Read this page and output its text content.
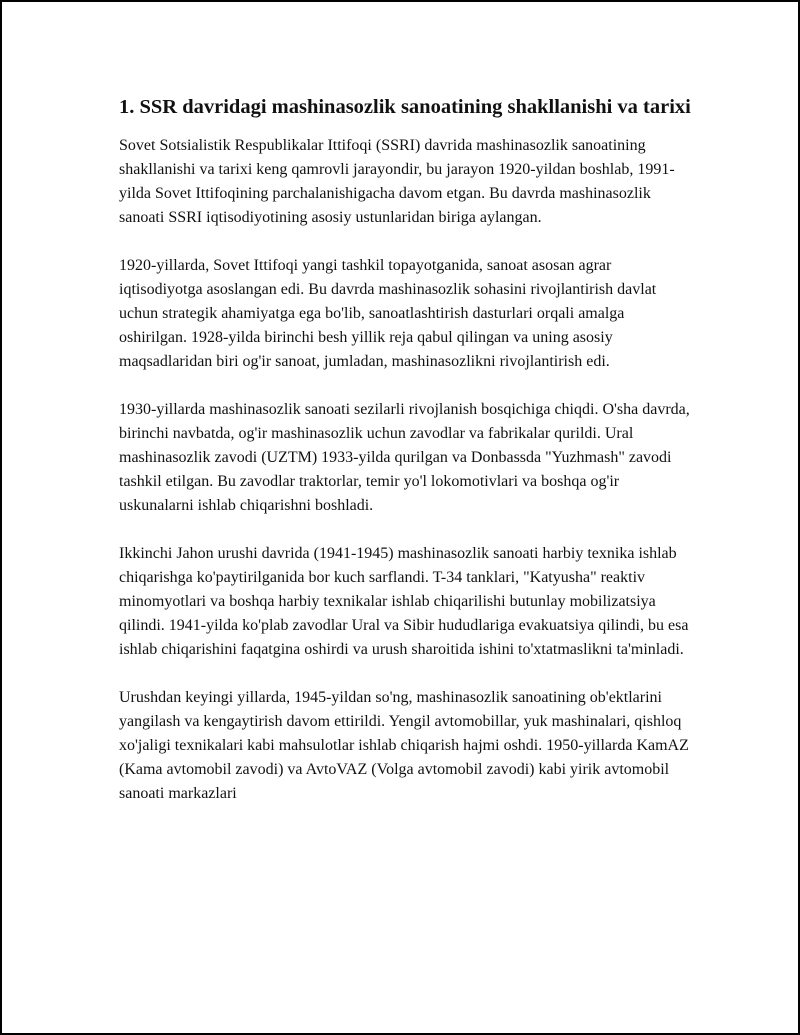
1. SSR davridagi mashinasozlik sanoatining shakllanishi va tarixi

Sovet Sotsialistik Respublikalar Ittifoqi (SSRI) davrida mashinasozlik sanoatining shakllanishi va tarixi keng qamrovli jarayondir, bu jarayon 1920-yildan boshlab, 1991-yilda Sovet Ittifoqining parchalanishigacha davom etgan. Bu davrda mashinasozlik sanoati SSRI iqtisodiyotining asosiy ustunlaridan biriga aylangan.

1920-yillarda, Sovet Ittifoqi yangi tashkil topayotganida, sanoat asosan agrar iqtisodiyotga asoslangan edi. Bu davrda mashinasozlik sohasini rivojlantirish davlat uchun strategik ahamiyatga ega bo'lib, sanoatlashtirish dasturlari orqali amalga oshirilgan. 1928-yilda birinchi besh yillik reja qabul qilingan va uning asosiy maqsadlaridan biri og'ir sanoat, jumladan, mashinasozlikni rivojlantirish edi.

1930-yillarda mashinasozlik sanoati sezilarli rivojlanish bosqichiga chiqdi. O'sha davrda, birinchi navbatda, og'ir mashinasozlik uchun zavodlar va fabrikalar qurildi. Ural mashinasozlik zavodi (UZTM) 1933-yilda qurilgan va Donbassda "Yuzhmash" zavodi tashkil etilgan. Bu zavodlar traktorlar, temir yo'l lokomotivlari va boshqa og'ir uskunalarni ishlab chiqarishni boshladi.

Ikkinchi Jahon urushi davrida (1941-1945) mashinasozlik sanoati harbiy texnika ishlab chiqarishga ko'paytirilganida bor kuch sarflandi. T-34 tanklari, "Katyusha" reaktiv minomyotlari va boshqa harbiy texnikalar ishlab chiqarilishi butunlay mobilizatsiya qilindi. 1941-yilda ko'plab zavodlar Ural va Sibir hududlariga evakuatsiya qilindi, bu esa ishlab chiqarishini faqatgina oshirdi va urush sharoitida ishini to'xtatmaslikni ta'minladi.

Urushdan keyingi yillarda, 1945-yildan so'ng, mashinasozlik sanoatining ob'ektlarini yangilash va kengaytirish davom ettirildi. Yengil avtomobillar, yuk mashinalari, qishloq xo'jaligi texnikalari kabi mahsulotlar ishlab chiqarish hajmi oshdi. 1950-yillarda KamAZ (Kama avtomobil zavodi) va AvtoVAZ (Volga avtomobil zavodi) kabi yirik avtomobil sanoati markazlari
